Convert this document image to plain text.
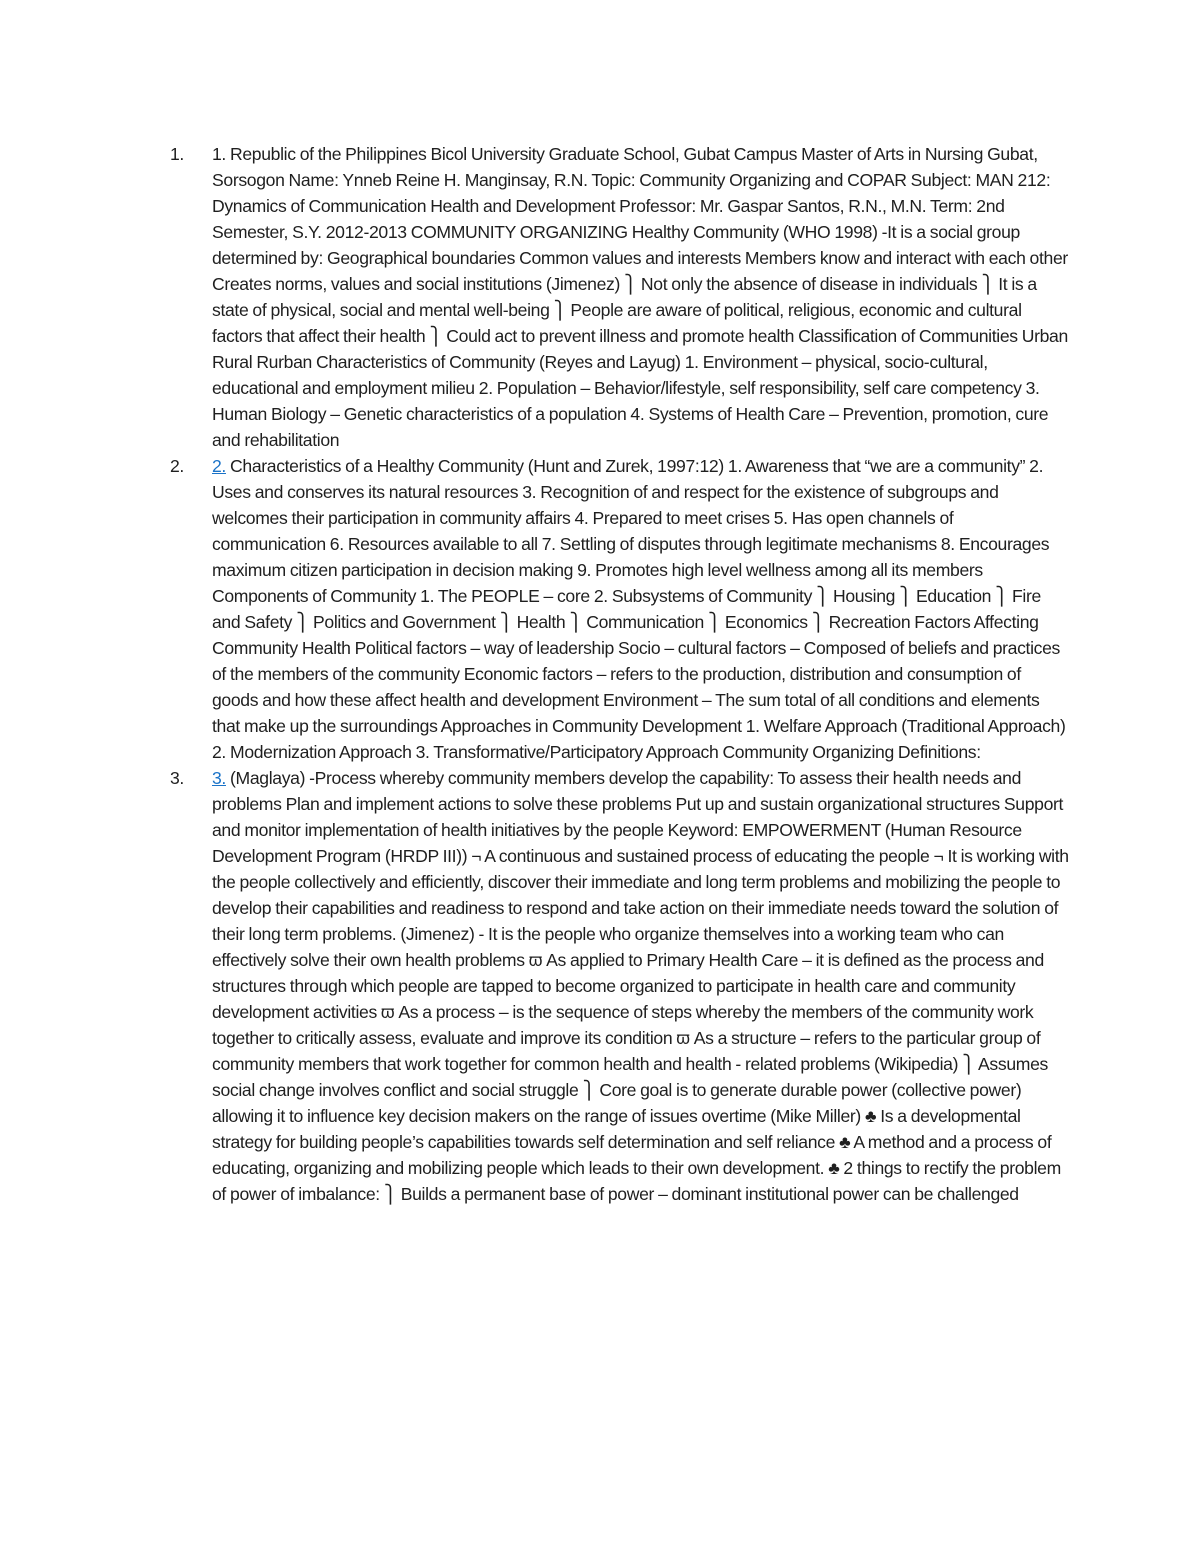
1.	1. Republic of the Philippines Bicol University Graduate School, Gubat Campus Master of Arts in Nursing Gubat, Sorsogon Name: Ynneb Reine H. Manginsay, R.N. Topic: Community Organizing and COPAR Subject: MAN 212: Dynamics of Communication Health and Development Professor: Mr. Gaspar Santos, R.N., M.N. Term: 2nd Semester, S.Y. 2012-2013 COMMUNITY ORGANIZING Healthy Community (WHO 1998) -It is a social group determined by: Geographical boundaries Common values and interests Members know and interact with each other Creates norms, values and social institutions (Jimenez) ⎫ Not only the absence of disease in individuals ⎫ It is a state of physical, social and mental well-being ⎫ People are aware of political, religious, economic and cultural factors that affect their health ⎫ Could act to prevent illness and promote health Classification of Communities Urban Rural Rurban Characteristics of Community (Reyes and Layug) 1. Environment – physical, socio-cultural, educational and employment milieu 2. Population – Behavior/lifestyle, self responsibility, self care competency 3. Human Biology – Genetic characteristics of a population 4. Systems of Health Care – Prevention, promotion, cure and rehabilitation
2.	2. Characteristics of a Healthy Community (Hunt and Zurek, 1997:12) 1. Awareness that “we are a community” 2. Uses and conserves its natural resources 3. Recognition of and respect for the existence of subgroups and welcomes their participation in community affairs 4. Prepared to meet crises 5. Has open channels of communication 6. Resources available to all 7. Settling of disputes through legitimate mechanisms 8. Encourages maximum citizen participation in decision making 9. Promotes high level wellness among all its members Components of Community 1. The PEOPLE – core 2. Subsystems of Community ⎫ Housing ⎫ Education ⎫ Fire and Safety ⎫ Politics and Government ⎫ Health ⎫ Communication ⎫ Economics ⎫ Recreation Factors Affecting Community Health Political factors – way of leadership Socio – cultural factors – Composed of beliefs and practices of the members of the community Economic factors – refers to the production, distribution and consumption of goods and how these affect health and development Environment – The sum total of all conditions and elements that make up the surroundings Approaches in Community Development 1. Welfare Approach (Traditional Approach) 2. Modernization Approach 3. Transformative/Participatory Approach Community Organizing Definitions:
3.	3. (Maglaya) -Process whereby community members develop the capability: To assess their health needs and problems Plan and implement actions to solve these problems Put up and sustain organizational structures Support and monitor implementation of health initiatives by the people Keyword: EMPOWERMENT (Human Resource Development Program (HRDP III)) ¬ A continuous and sustained process of educating the people ¬ It is working with the people collectively and efficiently, discover their immediate and long term problems and mobilizing the people to develop their capabilities and readiness to respond and take action on their immediate needs toward the solution of their long term problems. (Jimenez) - It is the people who organize themselves into a working team who can effectively solve their own health problems ϖ As applied to Primary Health Care – it is defined as the process and structures through which people are tapped to become organized to participate in health care and community development activities ϖ As a process – is the sequence of steps whereby the members of the community work together to critically assess, evaluate and improve its condition ϖ As a structure – refers to the particular group of community members that work together for common health and health - related problems (Wikipedia) ⎫ Assumes social change involves conflict and social struggle ⎫ Core goal is to generate durable power (collective power) allowing it to influence key decision makers on the range of issues overtime (Mike Miller) ♣ Is a developmental strategy for building people’s capabilities towards self determination and self reliance ♣ A method and a process of educating, organizing and mobilizing people which leads to their own development. ♣ 2 things to rectify the problem of power of imbalance: ⎫ Builds a permanent base of power – dominant institutional power can be challenged
